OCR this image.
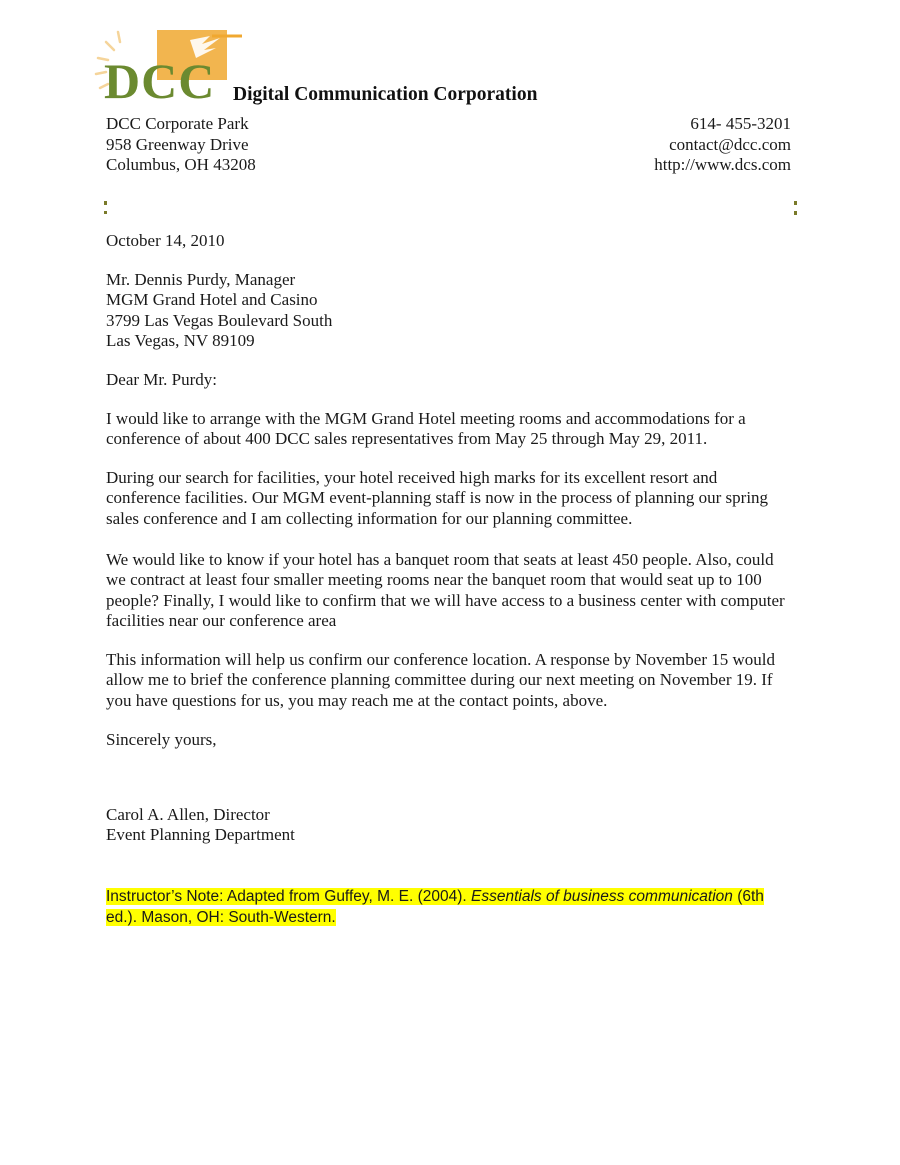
DCC Digital Communication Corporation
DCC Corporate Park
958 Greenway Drive
Columbus, OH 43208
614- 455-3201
contact@dcc.com
http://www.dcs.com
October 14, 2010
Mr. Dennis Purdy, Manager
MGM Grand Hotel and Casino
3799 Las Vegas Boulevard South
Las Vegas, NV 89109
Dear Mr. Purdy:
I would like to arrange with the MGM Grand Hotel meeting rooms and accommodations for a conference of about 400 DCC sales representatives from May 25 through May 29, 2011.
During our search for facilities, your hotel received high marks for its excellent resort and conference facilities. Our MGM event-planning staff is now in the process of planning our spring sales conference and I am collecting information for our planning committee.
We would like to know if your hotel has a banquet room that seats at least 450 people. Also, could we contract at least four smaller meeting rooms near the banquet room that would seat up to 100 people? Finally, I would like to confirm that we will have access to a business center with computer facilities near our conference area
This information will help us confirm our conference location. A response by November 15 would allow me to brief the conference planning committee during our next meeting on November 19. If you have questions for us, you may reach me at the contact points, above.
Sincerely yours,
Carol A. Allen, Director
Event Planning Department
Instructor’s Note: Adapted from Guffey, M. E. (2004). Essentials of business communication (6th ed.). Mason, OH: South-Western.
